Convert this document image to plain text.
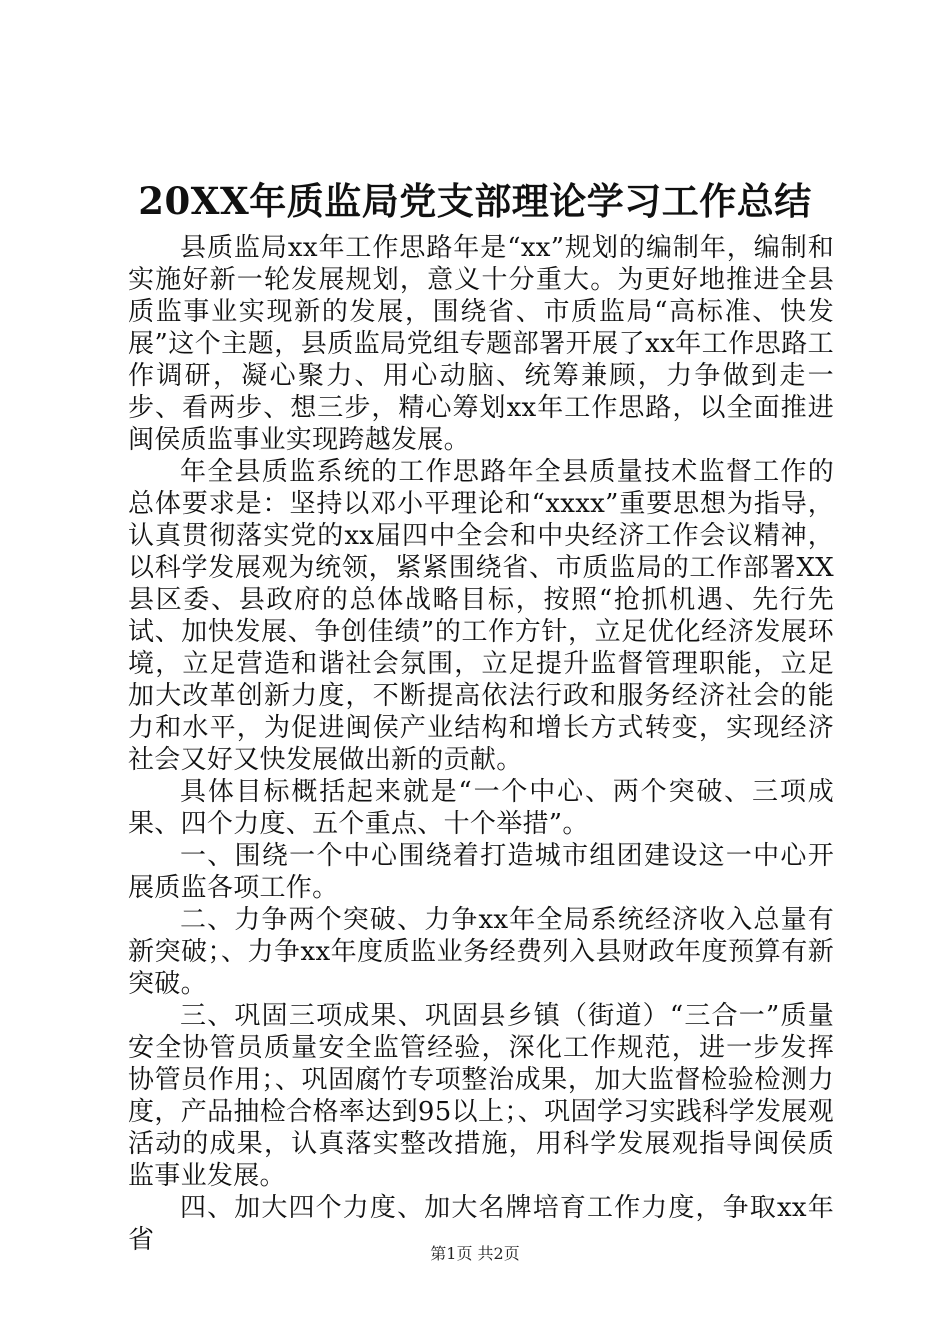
20XX年质监局党支部理论学习工作总结

县质监局xx年工作思路年是“xx”规划的编制年，编制和实施好新一轮发展规划，意义十分重大。为更好地推进全县质监事业实现新的发展，围绕省、市质监局“高标准、快发展”这个主题，县质监局党组专题部署开展了xx年工作思路工作调研，凝心聚力、用心动脑、统筹兼顾，力争做到走一步、看两步、想三步，精心筹划xx年工作思路，以全面推进闽侯质监事业实现跨越发展。

年全县质监系统的工作思路年全县质量技术监督工作的总体要求是：坚持以邓小平理论和“xxxx”重要思想为指导，认真贯彻落实党的xx届四中全会和中央经济工作会议精神，以科学发展观为统领，紧紧围绕省、市质监局的工作部署XX县区委、县政府的总体战略目标，按照“抢抓机遇、先行先试、加快发展、争创佳绩”的工作方针，立足优化经济发展环境，立足营造和谐社会氛围，立足提升监督管理职能，立足加大改革创新力度，不断提高依法行政和服务经济社会的能力和水平，为促进闽侯产业结构和增长方式转变，实现经济社会又好又快发展做出新的贡献。

具体目标概括起来就是“一个中心、两个突破、三项成果、四个力度、五个重点、十个举措”。

一、围绕一个中心围绕着打造城市组团建设这一中心开展质监各项工作。

二、力争两个突破、力争xx年全局系统经济收入总量有新突破；、力争xx年度质监业务经费列入县财政年度预算有新突破。

三、巩固三项成果、巩固县乡镇（街道）“三合一”质量安全协管员质量安全监管经验，深化工作规范，进一步发挥协管员作用；、巩固腐竹专项整治成果，加大监督检验检测力度，产品抽检合格率达到95以上；、巩固学习实践科学发展观活动的成果，认真落实整改措施，用科学发展观指导闽侯质监事业发展。

四、加大四个力度、加大名牌培育工作力度，争取xx年省	第1页 共2页
